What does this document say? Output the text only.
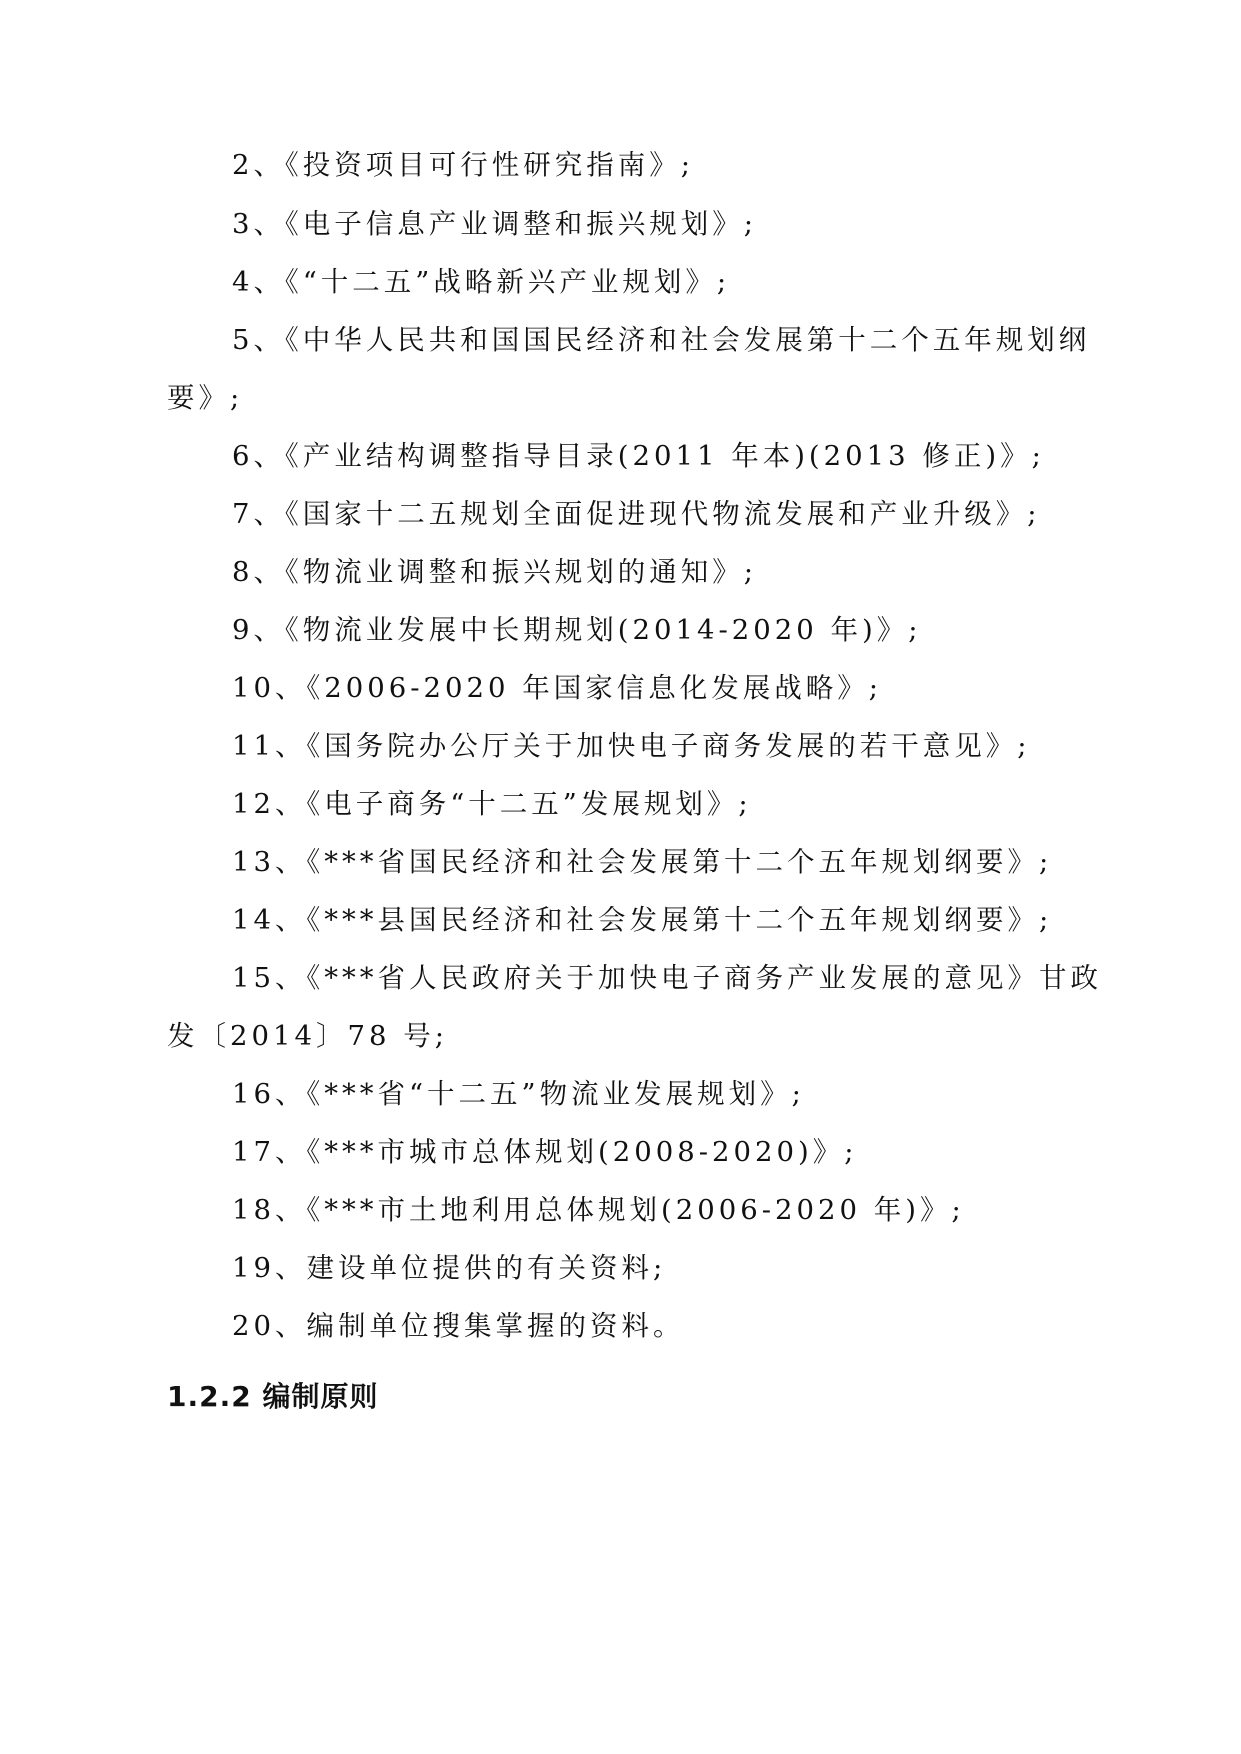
2、《投资项目可行性研究指南》;
3、《电子信息产业调整和振兴规划》;
4、《“十二五”战略新兴产业规划》;
5、《中华人民共和国国民经济和社会发展第十二个五年规划纲
要》;
6、《产业结构调整指导目录(2011 年本)(2013 修正)》;
7、《国家十二五规划全面促进现代物流发展和产业升级》;
8、《物流业调整和振兴规划的通知》;
9、《物流业发展中长期规划(2014-2020 年)》;
10、《2006-2020 年国家信息化发展战略》;
11、《国务院办公厅关于加快电子商务发展的若干意见》;
12、《电子商务“十二五”发展规划》;
13、《***省国民经济和社会发展第十二个五年规划纲要》;
14、《***县国民经济和社会发展第十二个五年规划纲要》;
15、《***省人民政府关于加快电子商务产业发展的意见》甘政
发〔2014〕78 号;
16、《***省“十二五”物流业发展规划》;
17、《***市城市总体规划(2008-2020)》;
18、《***市土地利用总体规划(2006-2020 年)》;
19、建设单位提供的有关资料;
20、编制单位搜集掌握的资料。
1.2.2 编制原则
